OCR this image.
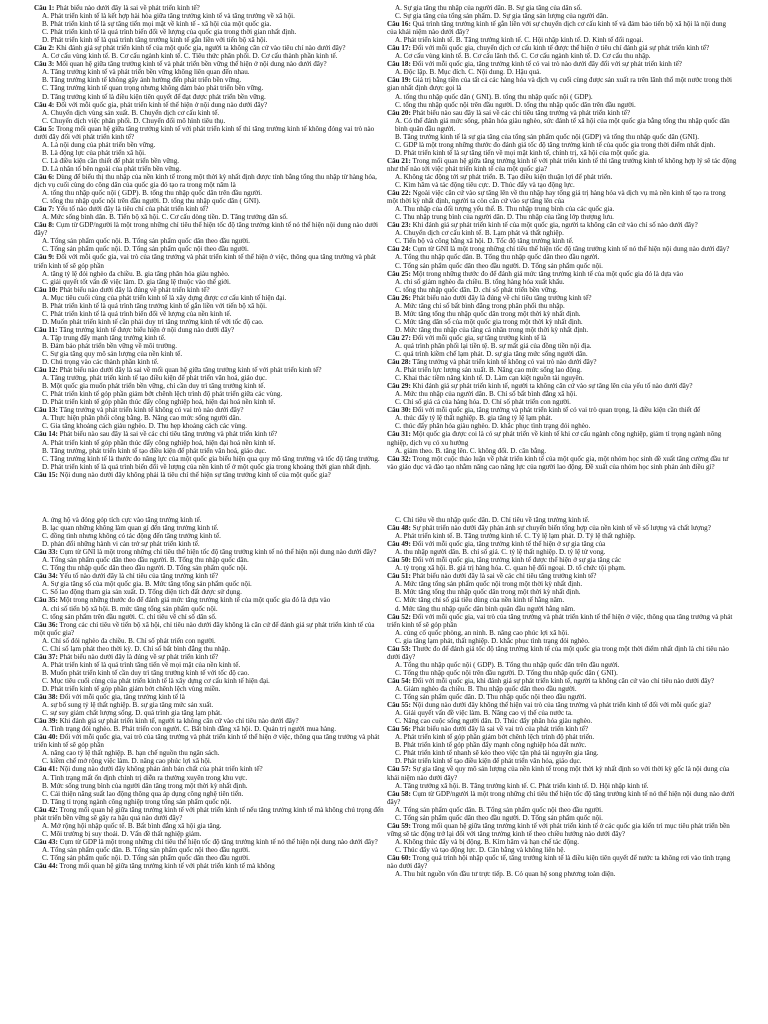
Câu 1: Phát biểu nào dưới đây là sai về phát triển kinh tế?
A. Phát triển kinh tế là kết hợp hài hòa giữa tăng trưởng kinh tế và tăng trưởng về xã hội.
B. Phát triển kinh tế là sự tăng tiến mọi mặt về kinh tế - xã hội của một quốc gia.
C. Phát triển kinh tế là quá trình biến đổi về lượng của quốc gia trong thời gian nhất định.
D. Phát triển kinh tế là quá trình tăng trưởng kinh tế gắn liền với tiến bộ xã hội.
Câu 2: Khi đánh giá sự phát triển kinh tế của một quốc gia, người ta không căn cứ vào tiêu chí nào dưới đây?
A. Cơ cấu vùng kinh tế. B. Cơ cấu ngành kinh tế. C. Tiêu thức phân phối. D. Cơ cấu thành phần kinh tế.
Câu 3: Mối quan hệ giữa tăng trưởng kinh tế và phát triển bền vững thể hiện ở nội dung nào dưới đây?
A. Tăng trưởng kinh tế và phát triển bền vững không liên quan đến nhau.
B. Tăng trưởng kinh tế không gây ảnh hưởng đến phát triển bền vững.
C. Tăng trưởng kinh tế quan trọng nhưng không đảm bảo phát triển bền vững.
D. Tăng trưởng kinh tế là điều kiện tiên quyết để đạt được phát triển bền vững.
Câu 4: Đối với mỗi quốc gia, phát triển kinh tế thể hiện ở nội dung nào dưới đây?
A. Chuyển dịch vùng sản xuất. B. Chuyển dịch cơ cấu kinh tế.
C. Chuyển dịch việc phân phối. D. Chuyển đổi mô hình tiêu thụ.
Câu 5: Trong mối quan hệ giữa tăng trưởng kinh tế với phát triển kinh tế thì tăng trưởng kinh tế không đóng vai trò nào dưới đây đối với phát triển kinh tế?
A. Là nội dung của phát triển bền vững.
B. Là động lực của phát triển xã hội.
C. Là điều kiện cần thiết để phát triển bền vững.
D. Là nhân tố bên ngoài của phát triển bền vững.
Câu 6: Dùng để biểu thị thu nhập của nền kinh tế trong một thời kỳ nhất định được tính bằng tổng thu nhập từ hàng hóa, dịch vụ cuối cùng do công dân của quốc gia đó tạo ra trong một năm là
A. tổng thu nhập quốc nội ( GDP). B. tổng thu nhập quốc dân trên đầu người.
C. tổng thu nhập quốc nội trên đầu người. D. tổng thu nhập quốc dân ( GNI).
Câu 7: Yếu tố nào dưới đây là tiêu chí của phát triển kinh tế?
A. Mức sống bình dân. B. Tiến bộ xã hội. C. Cơ cấu dòng tiền. D. Tăng trưởng dân số.
Câu 8: Cụm từ GDP/người là một trong những chỉ tiêu thể hiện tốc độ tăng trưởng kinh tế nó thể hiện nội dung nào dưới đây?
A. Tổng sản phẩm quốc nội. B. Tổng sản phẩm quốc dân theo đầu người.
C. Tổng sản phẩm quốc nội. D. Tổng sản phẩm quốc nội theo đầu người.
Câu 9: Đối với mỗi quốc gia, vai trò của tăng trưởng và phát triển kinh tế thể hiện ở việc, thông qua tăng trưởng và phát triển kinh tế sẽ góp phần
A. tăng tỷ lệ đói nghèo đa chiều. B. gia tăng phân hóa giàu nghèo.
C. giải quyết tốt vấn đề việc làm. D. gia tăng lệ thuộc vào thế giới.
Câu 10: Phát biểu nào dưới đây là đúng về phát triển kinh tế?
A. Mục tiêu cuối cùng của phát triển kinh tế là xây dựng được cơ cấu kinh tế hiện đại.
B. Phát triển kinh tế là quá trình tăng trưởng kinh tế gắn liền với tiến bộ xã hội.
C. Phát triển kinh tế là quá trình biến đổi về lượng của nền kinh tế.
D. Muốn phát triển kinh tế cần phải duy trì tăng trưởng kinh tế với tốc độ cao.
Câu 11: Tăng trưởng kinh tế được biểu hiện ở nội dung nào dưới đây?
A. Tập trung đẩy mạnh tăng trưởng kinh tế.
B. Đảm bảo phát triển bền vững về môi trường.
C. Sự gia tăng quy mô sản lượng của nền kinh tế.
D. Chú trọng vào các thành phần kinh tế.
Câu 12: Phát biểu nào dưới đây là sai về mối quan hệ giữa tăng trưởng kinh tế với phát triển kinh tế?
A. Tăng trưởng, phát triển kinh tế tạo điều kiện để phát triển văn hoá, giáo dục.
B. Một quốc gia muốn phát triển bền vững, chỉ cần duy trì tăng trưởng kinh tế.
C. Phát triển kinh tế góp phần giảm bớt chênh lệch trình độ phát triển giữa các vùng.
D. Phát triển kinh tế góp phần thúc đẩy công nghiệp hoá, hiện đại hoá nền kinh tế.
Câu 13: Tăng trưởng và phát triển kinh tế không có vai trò nào dưới đây?
A. Thực hiện phân phối công bằng. B. Nâng cao mức sống người dân.
C. Gia tăng khoảng cách giàu nghèo. D. Thu hẹp khoảng cách các vùng.
Câu 14: Phát biểu nào sau đây là sai về các chỉ tiêu tăng trưởng và phát triển kinh tế?
A. Phát triển kinh tế góp phần thúc đẩy công nghiệp hoá, hiện đại hoá nền kinh tế.
B. Tăng trưởng, phát triển kinh tế tạo điều kiện để phát triển văn hoá, giáo dục.
C. Tăng trưởng kinh tế là thước đo năng lực của một quốc gia biểu hiện qua quy mô tăng trưởng và tốc độ tăng trưởng.
D. Phát triển kinh tế là quá trình biến đổi về lượng của nền kinh tế ở một quốc gia trong khoảng thời gian nhất định.
Câu 15: Nội dung nào dưới đây không phải là tiêu chí thể hiện sự tăng trưởng kinh tế của một quốc gia?
A. Sự gia tăng thu nhập của người dân. B. Sự gia tăng của dân số.
C. Sự gia tăng của tổng sản phẩm. D. Sự gia tăng sản lượng của người dân.
Câu 16: Quá trình tăng trưởng kinh tế gắn liền với sự chuyển dịch cơ cấu kinh tế và đảm bảo tiến bộ xã hội là nội dung của khái niệm nào dưới đây?
A. Phát triển kinh tế. B. Tăng trưởng kinh tế. C. Hội nhập kinh tế. D. Kinh tế đối ngoại.
Câu 17: Đối với mỗi quốc gia, chuyển dịch cơ cấu kinh tế được thể hiện ở tiêu chí đánh giá sự phát triển kinh tế?
A. Cơ cấu vùng kinh tế. B. Cơ cấu lãnh thổ. C. Cơ cấu ngành kinh tế. D. Cơ cấu thu nhập.
Câu 18: Đối với mỗi quốc gia, tăng trưởng kinh tế có vai trò nào dưới đây đối với sự phát triển kinh tế?
A. Độc lập. B. Mục đích. C. Nội dung. D. Hậu quả.
Câu 19: Giá trị bằng tiền của tất cả các hàng hóa và dịch vụ cuối cùng được sản xuất ra trên lãnh thổ một nước trong thời gian nhất định được gọi là
A. tổng thu nhập quốc dân ( GNI). B. tổng thu nhập quốc nội ( GDP).
C. tổng thu nhập quốc nội trên đầu người. D. tổng thu nhập quốc dân trên đầu người.
Câu 20: Phát biểu nào sau đây là sai về các chỉ tiêu tăng trưởng và phát triển kinh tế?
A. Có thể đánh giá mức sống, phân hóa giàu nghèo, sức đánh tế xã hội của một quốc gia bằng tổng thu nhập quốc dân bình quân đầu người.
B. Tăng trưởng kinh tế là sự gia tăng của tổng sản phẩm quốc nội (GDP) và tổng thu nhập quốc dân (GNI).
C. GDP là một trong những thước đo đánh giá tốc độ tăng trưởng kinh tế của quốc gia trong thời điểm nhất định.
D. Phát triển kinh tế là sự tăng tiến về mọi mặt kinh tế, chính trị, xã hội của một quốc gia.
Câu 21: Trong mối quan hệ giữa tăng trưởng kinh tế với phát triển kinh tế thì tăng trưởng kinh tế không hợp lý sẽ tác động như thế nào tới việc phát triển kinh tế của một quốc gia?
A. Không tác động tới sự phát triển. B. Tạo điều kiện thuận lợi để phát triển.
C. Kìm hãm và tác động tiêu cực. D. Thúc đẩy và tạo động lực.
Câu 22: Ngoài việc căn cứ vào sự tăng lên về thu nhập hay tổng giá trị hàng hóa và dịch vụ mà nền kinh tế tạo ra trong một thời kỳ nhất định, người ta còn căn cứ vào sự tăng lên của
A. Thu nhập của đối tượng yếu thế. B. Thu nhập trung bình của các quốc gia.
C. Thu nhập trung bình của người dân. D. Thu nhập của tầng lớp thượng lưu.
Câu 23: Khi đánh giá sự phát triển kinh tế của một quốc gia, người ta không căn cứ vào chỉ số nào dưới đây?
A. Chuyển dịch cơ cấu kinh tế. B. Lạm phát và thất nghiệp.
C. Tiến bộ và công bằng xã hội. D. Tốc độ tăng trưởng kinh tế.
Câu 24: Cụm từ GNI là một trong những chỉ tiêu thể hiện tốc độ tăng trưởng kinh tế nó thể hiện nội dung nào dưới đây?
A. Tổng thu nhập quốc dân. B. Tổng thu nhập quốc dân theo đầu người.
C. Tổng sản phẩm quốc dân theo đầu người. D. Tổng sản phẩm quốc nội.
Câu 25: Một trong những thước đo để đánh giá mức tăng trưởng kinh tế của một quốc gia đó là dựa vào
A. chi số giảm nghèo đa chiều. B. tổng hàng hóa xuất khẩu.
C. tổng thu nhập quốc dân. D. chỉ số phát triển bền vững.
Câu 26: Phát biểu nào dưới đây là đúng về chỉ tiêu tăng trưởng kinh tế?
A. Mức tăng chỉ số bất bình đẳng trong phân phối thu nhập.
B. Mức tăng tổng thu nhập quốc dân trong một thời kỳ nhất định.
C. Mức tăng dân số của một quốc gia trong một thời kỳ nhất định.
D. Mức tăng thu nhập của tầng cá nhân trong một thời kỳ nhất định.
Câu 27: Đối với mỗi quốc gia, sự tăng trưởng kinh tế là
A. quá trình phân phối lại tiền tệ. B. sự mất giá của đồng tiền nội địa.
C. quá trình kiềm chế lạm phát. D. sự gia tăng mức sống người dân.
Câu 28: Tăng trưởng và phát triển kinh tế không có vai trò nào dưới đây?
A. Phát triển lực lượng sản xuất. B. Nâng cao mức sống lao động.
C. Khai thác tiềm năng kinh tế. D. Làm cạn kiệt nguồn tài nguyên.
Câu 29: Khi đánh giá sự phát triển kinh tế, người ta không căn cứ vào sự tăng lên của yếu tố nào dưới đây?
A. Mức thu nhập của người dân. B. Chỉ số bất bình đẳng xã hội.
C. Chỉ số giá cả của hàng hóa. D. Chỉ số phát triển con người.
Câu 30: Đối với mỗi quốc gia, tăng trưởng và phát triển kinh tế có vai trò quan trọng, là điều kiện cần thiết để
A. thúc đẩy tỷ lệ thất nghiệp. B. gia tăng tỷ lệ lạm phát.
C. thúc đẩy phân hóa giàu nghèo. D. khắc phục tình trạng đói nghèo.
Câu 31: Một quốc gia được coi là có sự phát triển về kinh tế khi cơ cấu ngành công nghiệp, giảm tỉ trọng ngành nông nghiệp, dịch vụ có xu hướng
A. giảm theo. B. tăng lên. C. không đổi. D. cân bằng.
Câu 32: Trong một cuộc thảo luận về phát triển kinh tế của một quốc gia, một nhóm học sinh đề xuất tăng cường đầu tư vào giáo dục và đào tạo nhằm nâng cao năng lực của người lao động. Đề xuất của nhóm học sinh phản ánh điều gì?
A. ứng hộ và đóng góp tích cực vào tăng trưởng kinh tế.
B. lạc quan những không làm quan gì đến tăng trưởng kinh tế.
C. đồng tình nhưng không có tác động đến tăng trưởng kinh tế.
D. phản đối những hành vi cản trở sự phát triển kinh tế.
Câu 33: Cụm từ GNI là một trong những chỉ tiêu thể hiện tốc độ tăng trưởng kinh tế nó thể hiện nội dung nào dưới đây?
A. Tổng sản phẩm quốc dân theo đầu người. B. Tổng thu nhập quốc dân.
C. Tổng thu nhập quốc dân theo đầu người. D. Tổng sản phẩm quốc nội.
Câu 34: Yếu tố nào dưới đây là chỉ tiêu của tăng trưởng kinh tế?
A. Sự gia tăng số của một quốc gia. B. Mức tăng tổng sản phẩm quốc nội.
C. Số lao động tham gia sản xuất. D. Tổng diện tích đất được sử dụng.
Câu 35: Một trong những thước đo để đánh giá mức tăng trưởng kinh tế của một quốc gia đó là dựa vào
A. chỉ số tiến bộ xã hội. B. mức tăng tổng sản phẩm quốc nội.
C. tổng sản phẩm trên đầu người. C. chỉ tiêu về chỉ số dân số.
Câu 36: Trong các chỉ tiêu về tiến bộ xã hội, chỉ tiêu nào dưới đây không là căn cứ để đánh giá sự phát triển kinh tế của một quốc gia?
A. Chỉ số đói nghèo đa chiều. B. Chỉ số phát triển con người.
C. Chỉ số lạm phát theo thời kỳ. D. Chỉ số bất bình đẳng thu nhập.
Câu 37: Phát biểu nào dưới đây là đúng về sự phát triển kinh tế?
A. Phát triển kinh tế là quá trình tăng tiến về mọi mặt của nền kinh tế.
B. Muốn phát triển kinh tế cần duy trì tăng trưởng kinh tế với tốc độ cao.
C. Mục tiêu cuối cùng của phát triển kinh tế là xây dựng cơ cấu kinh tế hiện đại.
D. Phát triển kinh tế góp phần giảm bớt chênh lệch vùng miền.
Câu 38: Đối với mỗi quốc gia, tăng trưởng kinh tế là
A. sự bổ sung tỷ lệ thất nghiệp. B. sự gia tăng mức sản xuất.
C. sự suy giảm chất lượng sống. D. quá trình gia tăng lạm phát.
Câu 39: Khi đánh giá sự phát triển kinh tế, người ta không căn cứ vào chỉ tiêu nào dưới đây?
A. Tinh trạng đói nghèo. B. Phát triển con người. C. Bất bình đẳng xã hội. D. Quản trị người mua hàng.
Câu 40: Đối với mỗi quốc gia, vai trò của tăng trưởng và phát triển kinh tế thể hiện ở việc, thông qua tăng trưởng và phát triển kinh tế sẽ góp phần
A. nâng cao tỷ lệ thất nghiệp. B. hạn chế nguồn thu ngân sách.
C. kiềm chế mở rộng việc làm. D. nâng cao phúc lợi xã hội.
Câu 41: Nội dung nào dưới đây không phản ánh bản chất của phát triển kinh tế?
A. Tình trạng mất ổn định chính trị diễn ra thường xuyên trong khu vực.
B. Mức sống trung bình của người dân tăng trong một thời kỳ nhất định.
C. Cải thiện năng suất lao động thông qua áp dụng công nghệ tiên tiến.
D. Tăng tỉ trọng ngành công nghiệp trong tổng sản phẩm quốc nội.
Câu 42: Trong mối quan hệ giữa tăng trưởng kinh tế với phát triển kinh tế nếu tăng trưởng kinh tế mà không chú trọng đến phát triển bền vững sẽ gây ra hậu quả nào dưới đây?
A. Mở rộng hội nhập quốc tế. B. Bất bình đẳng xã hội gia tăng.
C. Môi trường bị suy thoái. D. Vấn đề thất nghiệp giảm.
Câu 43: Cụm từ GDP là một trong những chỉ tiêu thể hiện tốc độ tăng trưởng kinh tế nó thể hiện nội dung nào dưới đây?
A. Tổng sản phẩm quốc dân. B. Tổng sản phẩm quốc nội theo đầu người.
C. Tổng sản phẩm quốc nội. D. Tổng sản phẩm quốc dân theo đầu người.
Câu 44: Trong mối quan hệ giữa tăng trưởng kinh tế với phát triển kinh tế mà không
C. Chỉ tiêu về thu nhập quốc dân. D. Chỉ tiêu về tăng trưởng kinh tế.
Câu 48: Sự phát triển nào dưới đây phản ánh sự chuyển biến tổng hợp của nền kinh tế về số lượng và chất lượng?
A. Phát triển kinh tế. B. Tăng trưởng kinh tế. C. Tỷ lệ lạm phát. D. Tỷ lệ thất nghiệp.
Câu 49: Đối với mỗi quốc gia, tăng trưởng kinh tế thể hiện ở sự gia tăng của
A. thu nhập người dân. B. chỉ số giá. C. tỷ lệ thất nghiệp. D. tỷ lệ tử vong.
Câu 50: Đối với mỗi quốc gia, tăng trưởng kinh tế được thể hiện ở sự gia tăng các
A. tỷ trọng xã hội. B. giá trị hàng hóa. C. quan hệ đối ngoại. D. tổ chức tội phạm.
Câu 51: Phát biểu nào dưới đây là sai về các chỉ tiêu tăng trưởng kinh tế?
A. Mức tăng tổng sản phẩm quốc nội trong một thời kỳ nhất định.
B. Mức tăng tổng thu nhập quốc dân trong một thời kỳ nhất định.
C. Mức tăng chỉ số giá tiêu dùng của nền kinh tế hằng năm.
d. Mức tăng thu nhập quốc dân bình quân đầu người hằng năm.
Câu 52: Đối với mỗi quốc gia, vai trò của tăng trưởng và phát triển kinh tế thể hiện ở việc, thông qua tăng trưởng và phát triển kinh tế sẽ góp phần
A. củng cố quốc phòng, an ninh. B. nâng cao phúc lợi xã hội.
C. gia tăng lạm phát, thất nghiệp. D. khắc phục tình trạng đói nghèo.
Câu 53: Thước đo để đánh giá tốc độ tăng trưởng kinh tế của một quốc gia trong một thời điểm nhất định là chỉ tiêu nào dưới đây?
A. Tổng thu nhập quốc nội ( GDP). B. Tổng thu nhập quốc dân trên đầu người.
C. Tổng thu nhập quốc nội trên đầu người. D. Tổng thu nhập quốc dân ( GNI).
Câu 54: Đối với mỗi quốc gia, khi đánh giá sự phát triển kinh tế, người ta không căn cứ vào chỉ tiêu nào dưới đây?
A. Giảm nghèo đa chiều. B. Thu nhập quốc dân theo đầu người.
C. Tổng sản phẩm quốc dân. D. Thu nhập quốc nội theo đầu người.
Câu 55: Nội dung nào dưới đây không thể hiện vai trò của tăng trưởng và phát triển kinh tế đối với mỗi quốc gia?
A. Giải quyết vấn đề việc làm. B. Nâng cao vị thế của nước ta.
C. Nâng cao cuộc sống người dân. D. Thúc đẩy phân hóa giàu nghèo.
Câu 56: Phát biểu nào dưới đây là sai về vai trò của phát triển kinh tế?
A. Phát triển kinh tế góp phần giảm bớt chênh lệch trình độ phát triển.
B. Phát triển kinh tế góp phần đẩy mạnh công nghiệp hóa đất nước.
C. Phát triển kinh tế nhanh sẽ kéo theo việc tận phá tài nguyên gia tăng.
D. Phát triển kinh tế tạo điều kiện để phát triển văn hóa, giáo dục.
Câu 57: Sự gia tăng về quy mô sản lượng của nền kinh tế trong một thời kỳ nhất định so với thời kỳ gốc là nội dung của khái niệm nào dưới đây?
A. Tăng trưởng xã hội. B. Tăng trưởng kinh tế. C. Phát triển kinh tế. D. Hội nhập kinh tế.
Câu 58: Cụm từ GDP/người là một trong những chỉ tiêu thể hiện tốc độ tăng trưởng kinh tế nó thể hiện nội dung nào dưới đây?
A. Tổng sản phẩm quốc dân. B. Tổng sản phẩm quốc nội theo đầu người.
C. Tổng sản phẩm quốc dân theo đầu người. D. Tổng sản phẩm quốc nội.
Câu 59: Trong mối quan hệ giữa tăng trưởng kinh tế với phát triển kinh tế ở các quốc gia kiến trì mục tiêu phát triển bền vững sẽ tác động trở lại đối với tăng trưởng kinh tế theo chiều hướng nào dưới đây?
A. Không thúc đẩy và bị động. B. Kìm hãm và hạn chế tác động.
C. Thúc đẩy và tạo động lực. D. Cân bằng và không liên hệ.
Câu 60: Trong quá trình hội nhập quốc tế, tăng trưởng kinh tế là điều kiện tiên quyết để nước ta không rơi vào tình trạng nào dưới đây?
A. Thu hút nguồn vốn đầu tư trực tiếp. B. Có quan hệ song phương toàn diện.
